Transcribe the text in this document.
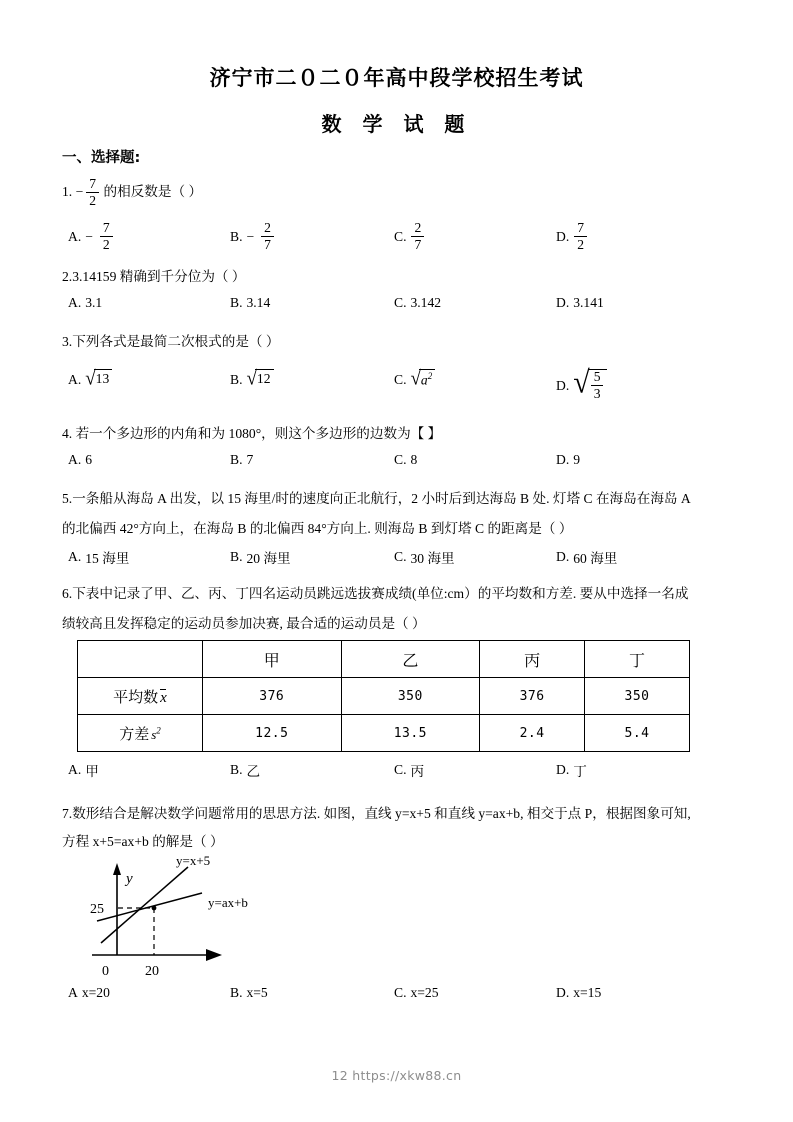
济宁市二０二０年高中段学校招生考试
数 学 试 题
一、选择题:
1. − $\frac{7}{2}$ 的相反数是（ ）
A. − $\frac{7}{2}$	B. − $\frac{2}{7}$	C. $\frac{2}{7}$	D. $\frac{7}{2}$
2.3.14159 精确到千分位为（ ）
A. 3.1	B. 3.14	C. 3.142	D. 3.141
3.下列各式是最简二次根式的是（ ）
A. √ 13	B. √ 12	C. √ $a^2$
D. √ $\frac{5}{3}$
4. 若一个多边形的内角和为 1080°，则这个多边形的边数为【 】
A. 6	B. 7	C. 8	D. 9
5.一条船从海岛 A 出发，以 15 海里/时的速度向正北航行，2 小时后到达海岛 B 处. 灯塔 C 在海岛在海岛 A
的北偏西 42°方向上，在海岛 B 的北偏西 84°方向上. 则海岛 B 到灯塔 C 的距离是（ ）
A. 15 海里	B. 20 海里	C. 30 海里	D. 60 海里
6.下表中记录了甲、乙、丙、丁四名运动员跳远选拔赛成绩(单位:cm）的平均数和方差. 要从中选择一名成
绩较高且发挥稳定的运动员参加决赛, 最合适的运动员是（ ）
	甲	乙	丙	丁
平均数 x	376	350	376	350
方差 $s^2$	12.5	13.5	2.4	5.4
A. 甲	B. 乙	C. 丙	D. 丁
7.数形结合是解决数学问题常用的思思方法. 如图，直线 y=x+5 和直线 y=ax+b, 相交于点 P，根据图象可知,
方程 x+5=ax+b 的解是（ ）
y
25
0	20
y=x+5
y=ax+b
A x=20	B. x=5	C. x=25	D. x=15
12 https://xkw88.cn
